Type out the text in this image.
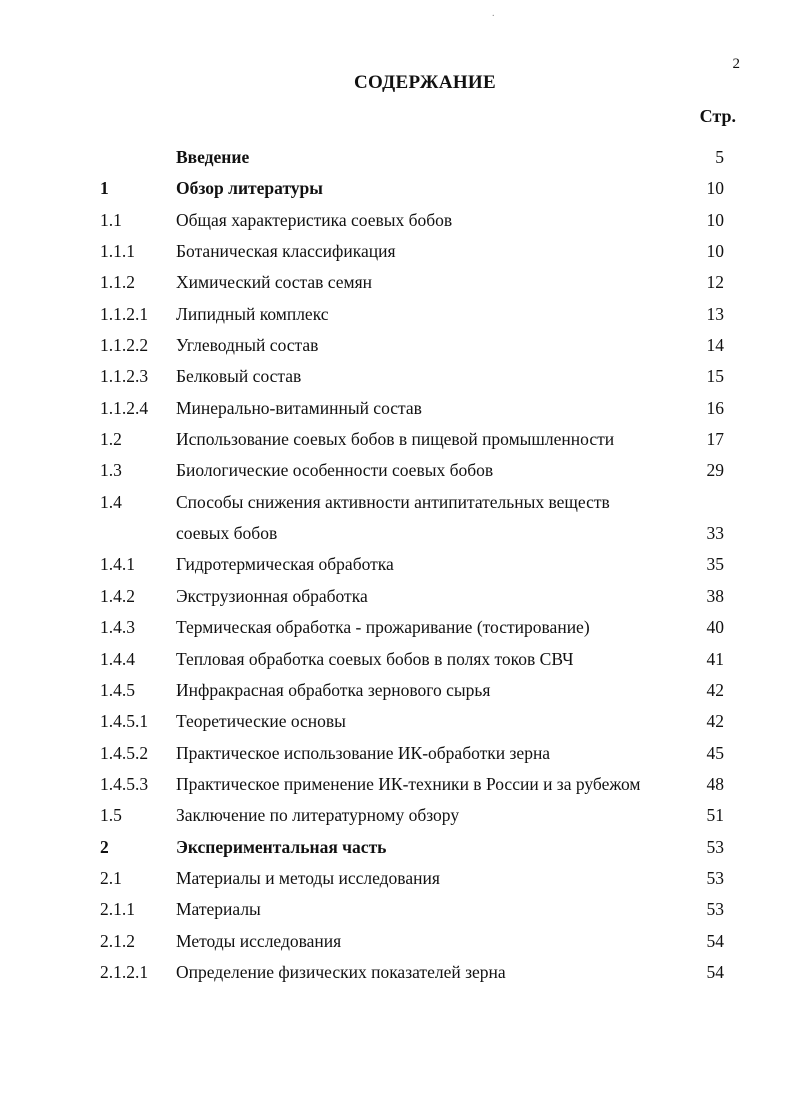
.
2
СОДЕРЖАНИЕ
Стр.
Введение	5
1	Обзор литературы	10
1.1	Общая характеристика соевых бобов	10
1.1.1 Ботаническая классификация	10
1.1.2 Химический состав семян	12
1.1.2.1 Липидный комплекс	13
1.1.2.2 Углеводный состав	14
1.1.2.3 Белковый состав	15
1.1.2.4 Минерально-витаминный состав	16
1.2	Использование соевых бобов в пищевой промышленности	17
1.3	Биологические особенности соевых бобов	29
1.4	Способы снижения активности антипитательных веществ
соевых бобов	33
1.4.1 Гидротермическая обработка	35
1.4.2 Экструзионная обработка	38
1.4.3 Термическая обработка - прожаривание (тостирование)	40
1.4.4 Тепловая обработка соевых бобов в полях токов СВЧ	41
1.4.5 Инфракрасная обработка зернового сырья	42
1.4.5.1 Теоретические основы	42
1.4.5.2 Практическое использование ИК-обработки зерна	45
1.4.5.3 Практическое применение ИК-техники в России и за рубежом	48
1.5	Заключение по литературному обзору	51
2	Экспериментальная часть	53
2.1	Материалы и методы исследования	53
2.1.1 Материалы	53
2.1.2 Методы исследования	54
2.1.2.1 Определение физических показателей зерна	54
